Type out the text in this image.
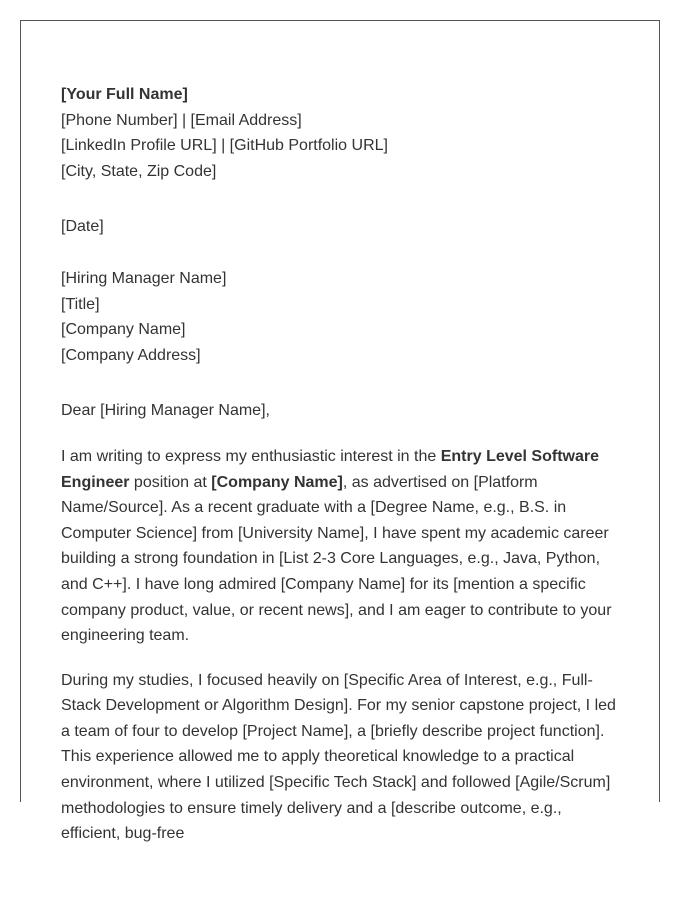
[Your Full Name]
[Phone Number] | [Email Address]
[LinkedIn Profile URL] | [GitHub Portfolio URL]
[City, State, Zip Code]
[Date]
[Hiring Manager Name]
[Title]
[Company Name]
[Company Address]
Dear [Hiring Manager Name],

I am writing to express my enthusiastic interest in the Entry Level Software Engineer position at [Company Name], as advertised on [Platform Name/Source]. As a recent graduate with a [Degree Name, e.g., B.S. in Computer Science] from [University Name], I have spent my academic career building a strong foundation in [List 2-3 Core Languages, e.g., Java, Python, and C++]. I have long admired [Company Name] for its [mention a specific company product, value, or recent news], and I am eager to contribute to your engineering team.

During my studies, I focused heavily on [Specific Area of Interest, e.g., Full-Stack Development or Algorithm Design]. For my senior capstone project, I led a team of four to develop [Project Name], a [briefly describe project function]. This experience allowed me to apply theoretical knowledge to a practical environment, where I utilized [Specific Tech Stack] and followed [Agile/Scrum] methodologies to ensure timely delivery and a [describe outcome, e.g., efficient, bug-free
